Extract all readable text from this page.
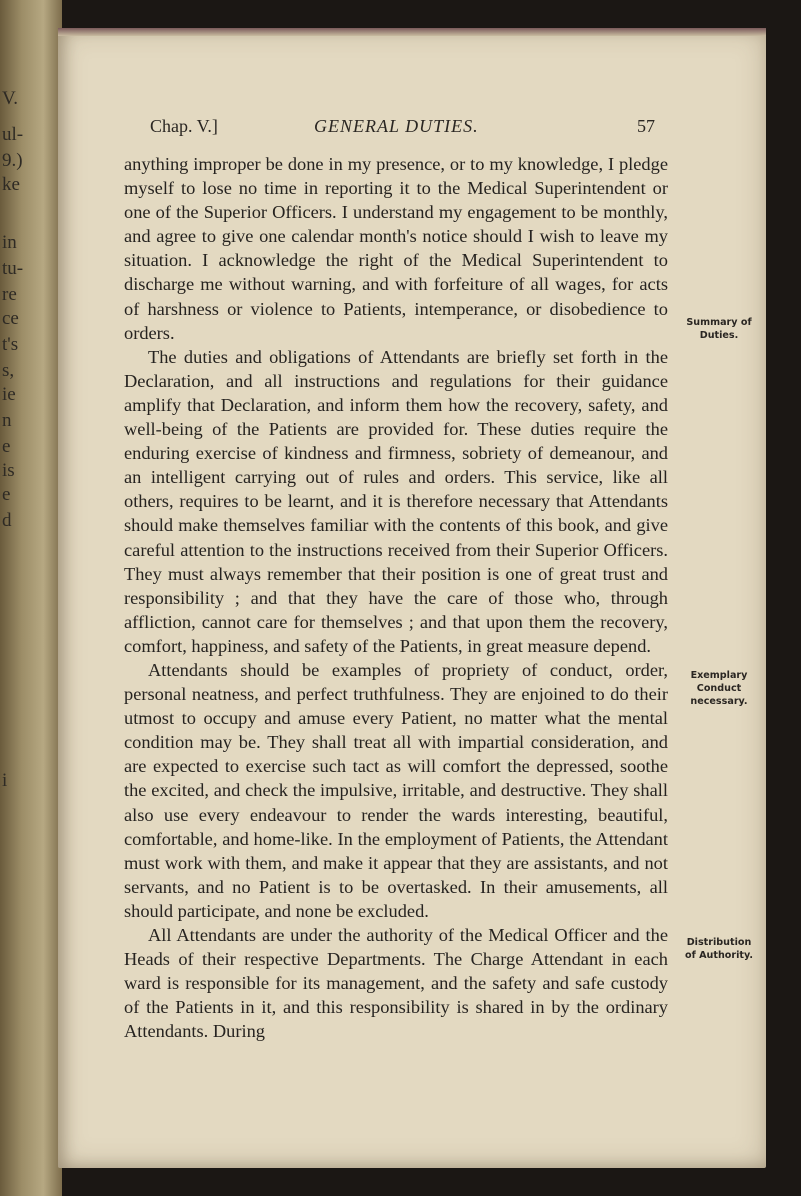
V.
ul-
9.)
ke
in
tu-
re
ce
t's
s,
ie
n
e
is
e
d
i
Chap. V.]	GENERAL DUTIES.	57

anything improper be done in my presence, or to my knowledge, I pledge myself to lose no time in reporting it to the Medical Superintendent or one of the Superior Officers. I understand my engagement to be monthly, and agree to give one calendar month's notice should I wish to leave my situation. I acknowledge the right of the Medical Superintendent to discharge me without warning, and with forfeiture of all wages, for acts of harshness or violence to Patients, intemperance, or disobedience to orders.

The duties and obligations of Attendants are briefly set forth in the Declaration, and all instructions and regulations for their guidance amplify that Declaration, and inform them how the recovery, safety, and well-being of the Patients are provided for. These duties require the enduring exercise of kindness and firmness, sobriety of demeanour, and an intelligent carrying out of rules and orders. This service, like all others, requires to be learnt, and it is therefore necessary that Attendants should make themselves familiar with the contents of this book, and give careful attention to the instructions received from their Superior Officers. They must always remember that their position is one of great trust and responsibility ; and that they have the care of those who, through affliction, cannot care for themselves ; and that upon them the recovery, comfort, happiness, and safety of the Patients, in great measure depend.

Attendants should be examples of propriety of conduct, order, personal neatness, and perfect truthfulness. They are enjoined to do their utmost to occupy and amuse every Patient, no matter what the mental condition may be. They shall treat all with impartial consideration, and are expected to exercise such tact as will comfort the depressed, soothe the excited, and check the impulsive, irritable, and destructive. They shall also use every endeavour to render the wards interesting, beautiful, comfortable, and home-like. In the employment of Patients, the Attendant must work with them, and make it appear that they are assistants, and not servants, and no Patient is to be overtasked. In their amusements, all should participate, and none be excluded.

All Attendants are under the authority of the Medical Officer and the Heads of their respective Departments. The Charge Attendant in each ward is responsible for its management, and the safety and safe custody of the Patients in it, and this responsibility is shared in by the ordinary Attendants. During

Summary of
Duties.
Exemplary
Conduct
necessary.
Distribution
of Authority.
